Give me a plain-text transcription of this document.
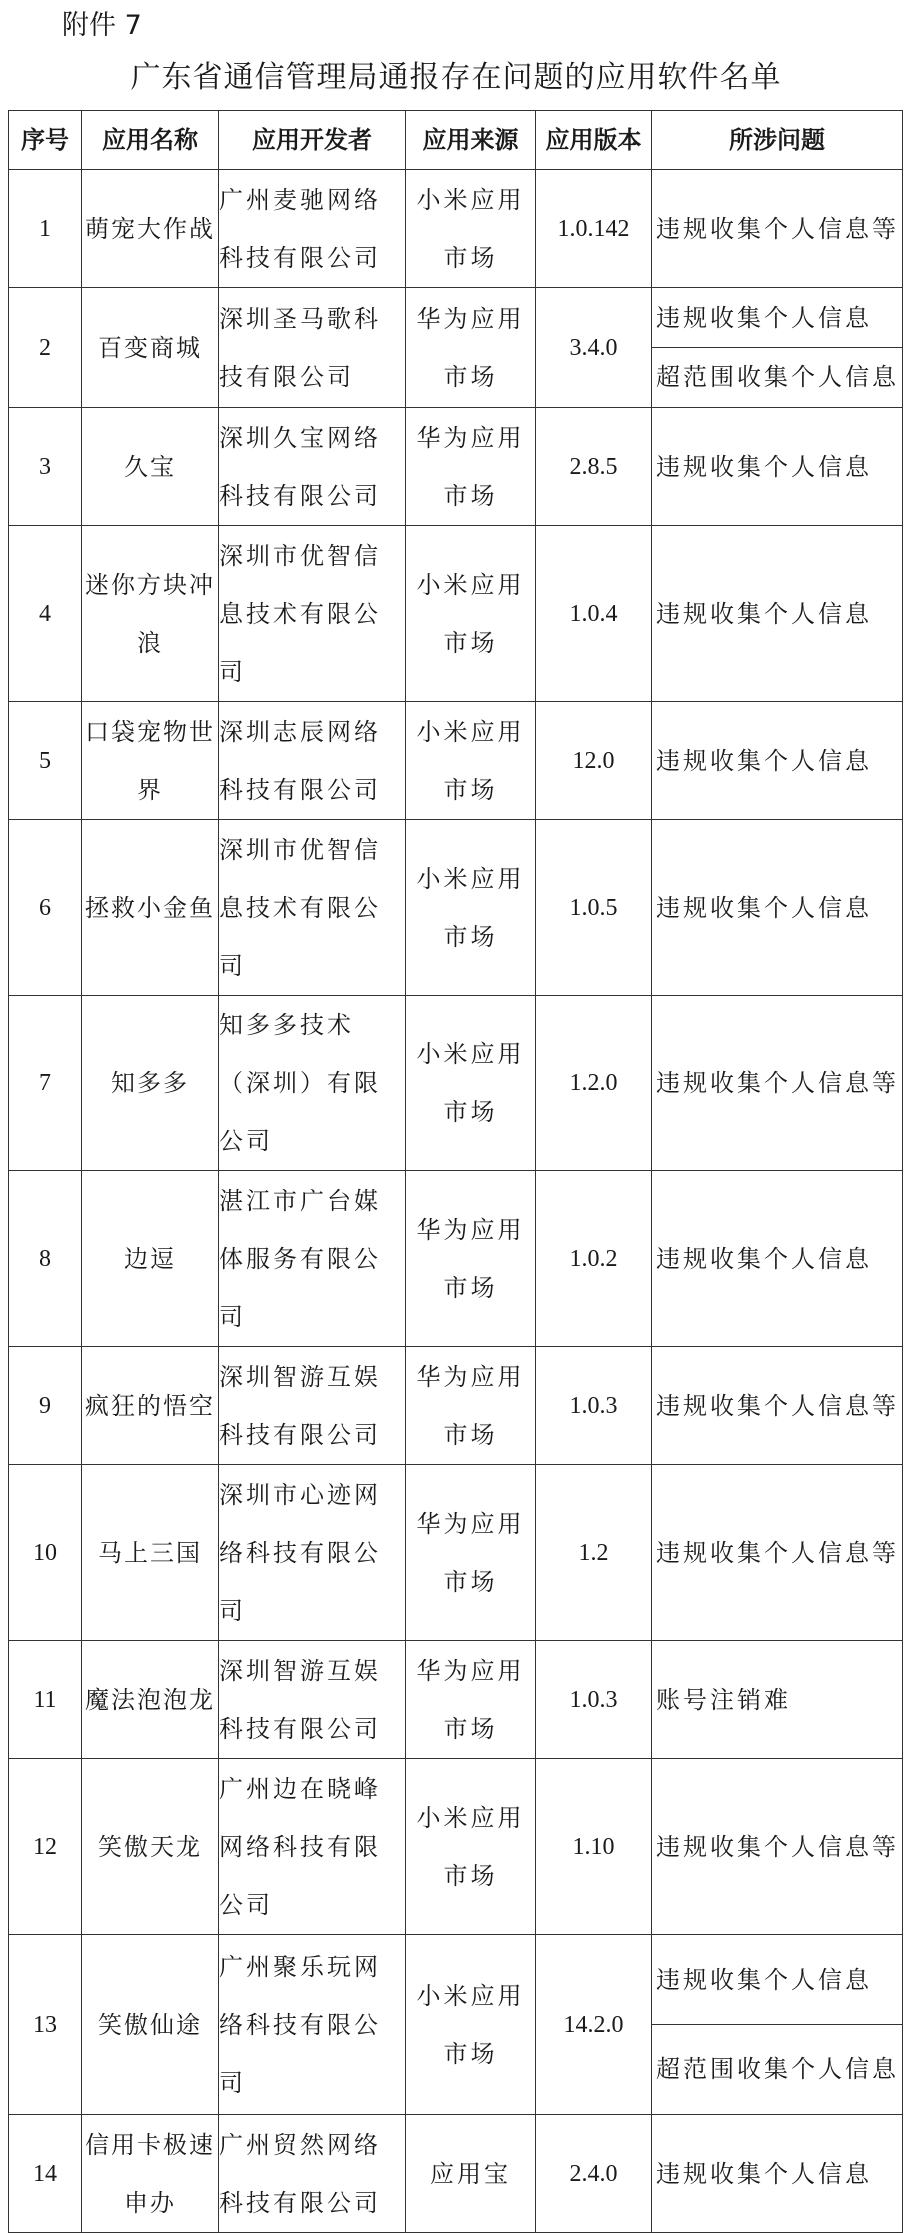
附件 7
广东省通信管理局通报存在问题的应用软件名单
序号	应用名称	应用开发者	应用来源	应用版本	所涉问题
1	萌宠大作战	广州麦驰网络科技有限公司	小米应用市场	1.0.142	违规收集个人信息等

2	百变商城	深圳圣马歌科技有限公司	华为应用市场	3.4.0	违规收集个人信息
超范围收集个人信息

3	久宝	深圳久宝网络科技有限公司	华为应用市场	2.8.5	违规收集个人信息

4	迷你方块冲浪	深圳市优智信息技术有限公司	小米应用市场	1.0.4	违规收集个人信息

5	口袋宠物世界	深圳志辰网络科技有限公司	小米应用市场	12.0	违规收集个人信息

6	拯救小金鱼	深圳市优智信息技术有限公司	小米应用市场	1.0.5	违规收集个人信息

7	知多多	知多多技术（深圳）有限公司	小米应用市场	1.2.0	违规收集个人信息等

8	边逗	湛江市广台媒体服务有限公司	华为应用市场	1.0.2	违规收集个人信息

9	疯狂的悟空	深圳智游互娱科技有限公司	华为应用市场	1.0.3	违规收集个人信息等

10	马上三国	深圳市心迹网络科技有限公司	华为应用市场	1.2	违规收集个人信息等

11	魔法泡泡龙	深圳智游互娱科技有限公司	华为应用市场	1.0.3	账号注销难

12	笑傲天龙	广州边在晓峰网络科技有限公司	小米应用市场	1.10	违规收集个人信息等

13	笑傲仙途	广州聚乐玩网络科技有限公司	小米应用市场	14.2.0	违规收集个人信息
超范围收集个人信息

14	信用卡极速申办	广州贸然网络科技有限公司	应用宝	2.4.0	违规收集个人信息
